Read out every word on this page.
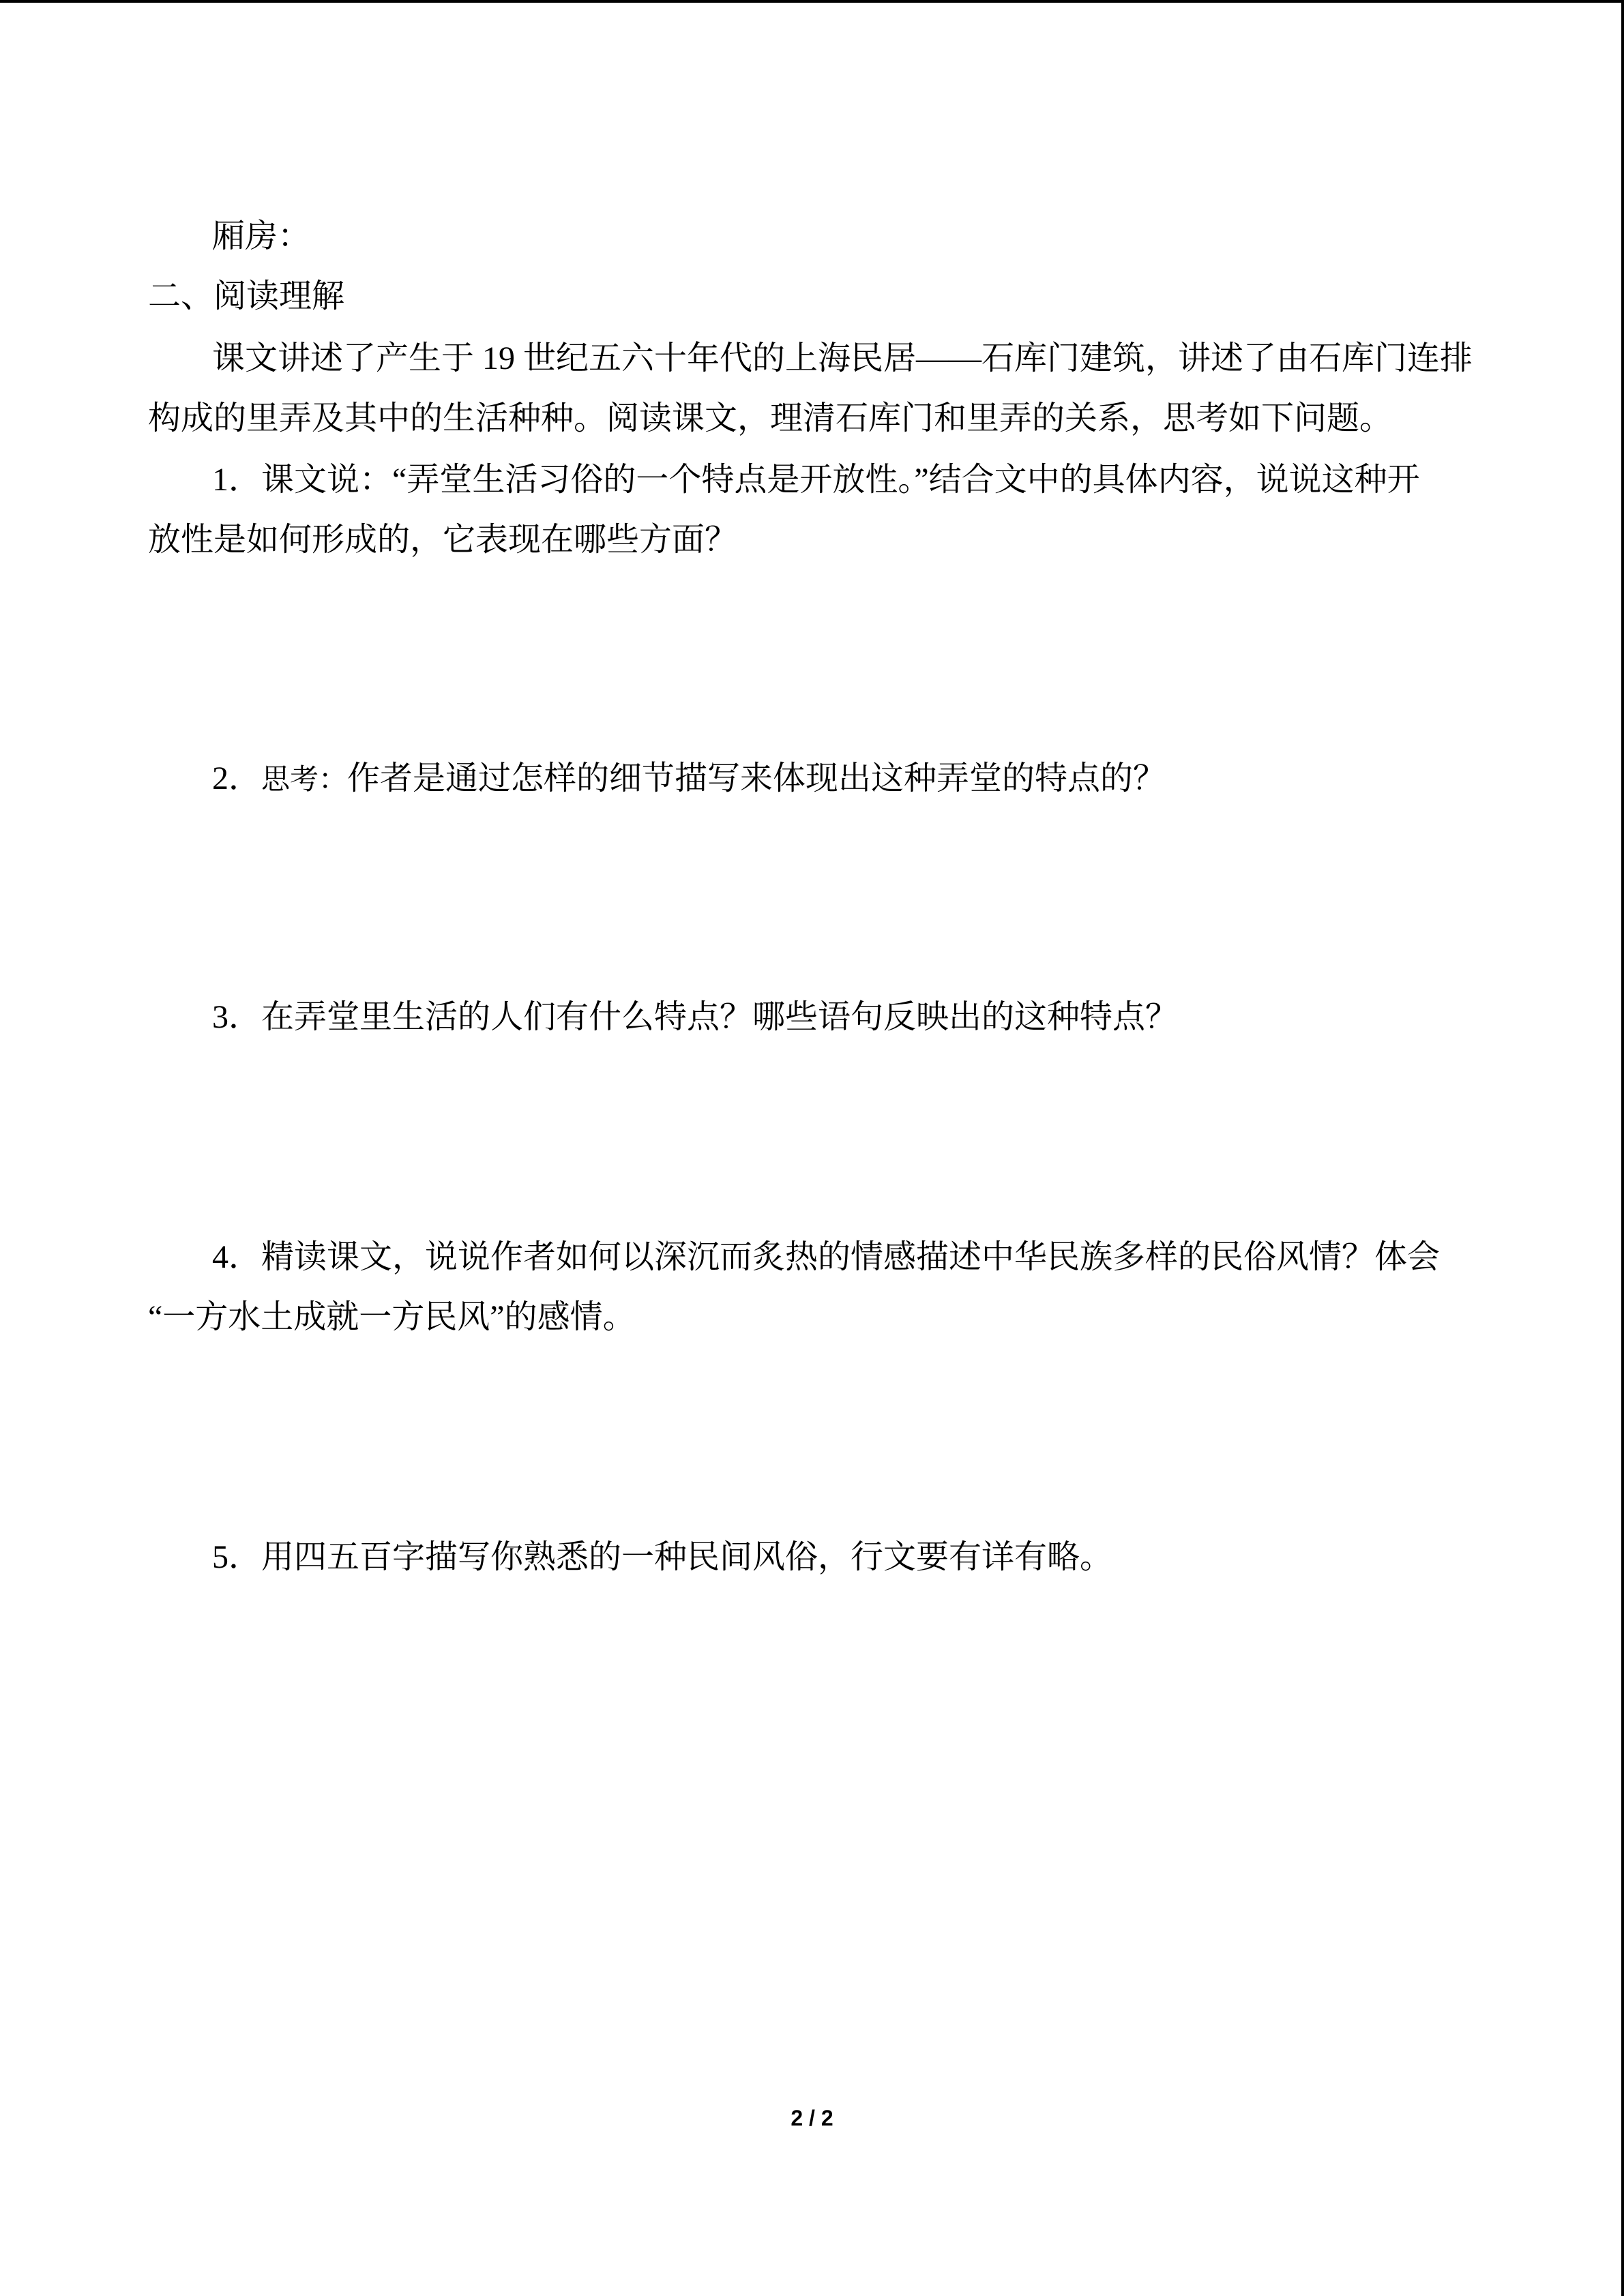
厢房：
二、阅读理解
课文讲述了产生于 19 世纪五六十年代的上海民居——石库门建筑，讲述了由石库门连排
构成的里弄及其中的生活种种。阅读课文，理清石库门和里弄的关系，思考如下问题。
1．课文说：“弄堂生活习俗的一个特点是开放性。”结合文中的具体内容，说说这种开
放性是如何形成的，它表现在哪些方面？
2．思考：作者是通过怎样的细节描写来体现出这种弄堂的特点的？
3．在弄堂里生活的人们有什么特点？哪些语句反映出的这种特点？
4．精读课文，说说作者如何以深沉而炙热的情感描述中华民族多样的民俗风情？体会
“一方水土成就一方民风”的感情。
5．用四五百字描写你熟悉的一种民间风俗，行文要有详有略。
2 / 2
